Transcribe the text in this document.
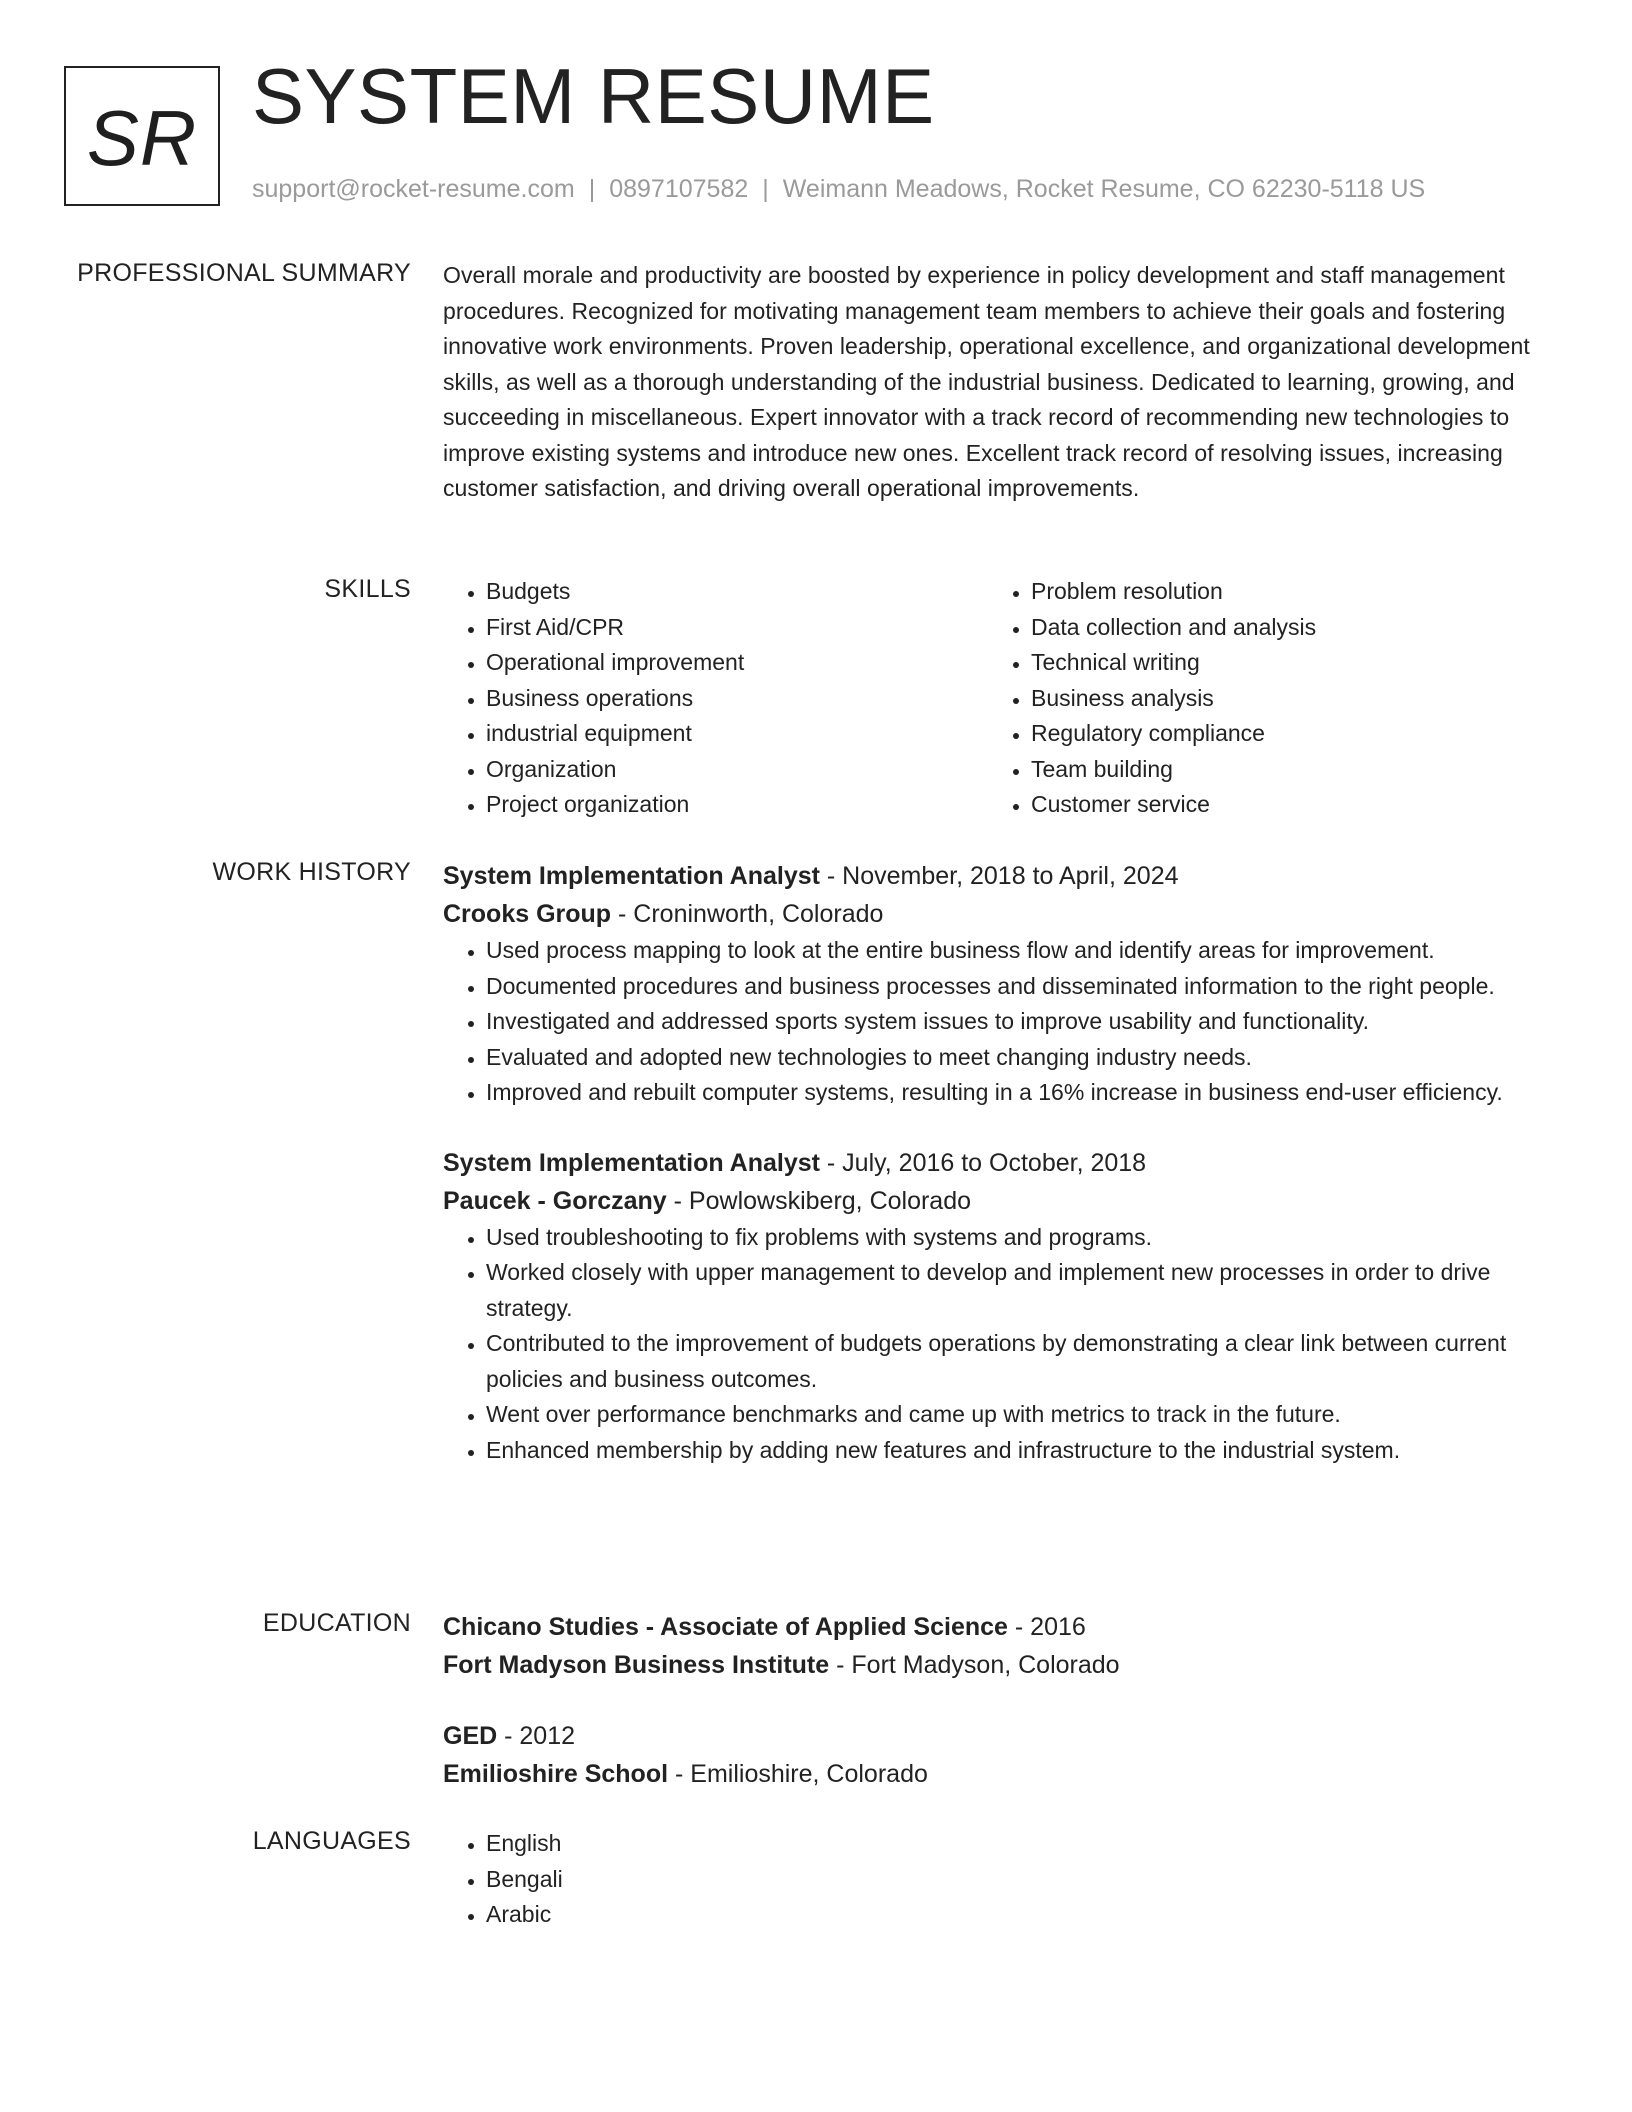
SR SYSTEM RESUME
support@rocket-resume.com | 0897107582 | Weimann Meadows, Rocket Resume, CO 62230-5118 US
PROFESSIONAL SUMMARY Overall morale and productivity are boosted by experience in policy development and staff management procedures. Recognized for motivating management team members to achieve their goals and fostering innovative work environments. Proven leadership, operational excellence, and organizational development skills, as well as a thorough understanding of the industrial business. Dedicated to learning, growing, and succeeding in miscellaneous. Expert innovator with a track record of recommending new technologies to improve existing systems and introduce new ones. Excellent track record of resolving issues, increasing customer satisfaction, and driving overall operational improvements.

SKILLS	• Budgets
• First Aid/CPR
• Operational improvement
• Business operations
• industrial equipment
• Organization
• Project organization
• Problem resolution
• Data collection and analysis
• Technical writing
• Business analysis
• Regulatory compliance
• Team building
• Customer service
WORK HISTORY System Implementation Analyst - November, 2018 to April, 2024
Crooks Group - Croninworth, Colorado
• Used process mapping to look at the entire business flow and identify areas for improvement.
• Documented procedures and business processes and disseminated information to the right people.
• Investigated and addressed sports system issues to improve usability and functionality.
• Evaluated and adopted new technologies to meet changing industry needs.
• Improved and rebuilt computer systems, resulting in a 16% increase in business end-user efficiency.
System Implementation Analyst - July, 2016 to October, 2018
Paucek - Gorczany - Powlowskiberg, Colorado
• Used troubleshooting to fix problems with systems and programs.
• Worked closely with upper management to develop and implement new processes in order to drive strategy.
• Contributed to the improvement of budgets operations by demonstrating a clear link between current policies and business outcomes.
• Went over performance benchmarks and came up with metrics to track in the future.
• Enhanced membership by adding new features and infrastructure to the industrial system.
EDUCATION Chicano Studies - Associate of Applied Science - 2016
Fort Madyson Business Institute - Fort Madyson, Colorado
GED - 2012
Emilioshire School - Emilioshire, Colorado
LANGUAGES	• English
• Bengali
• Arabic
